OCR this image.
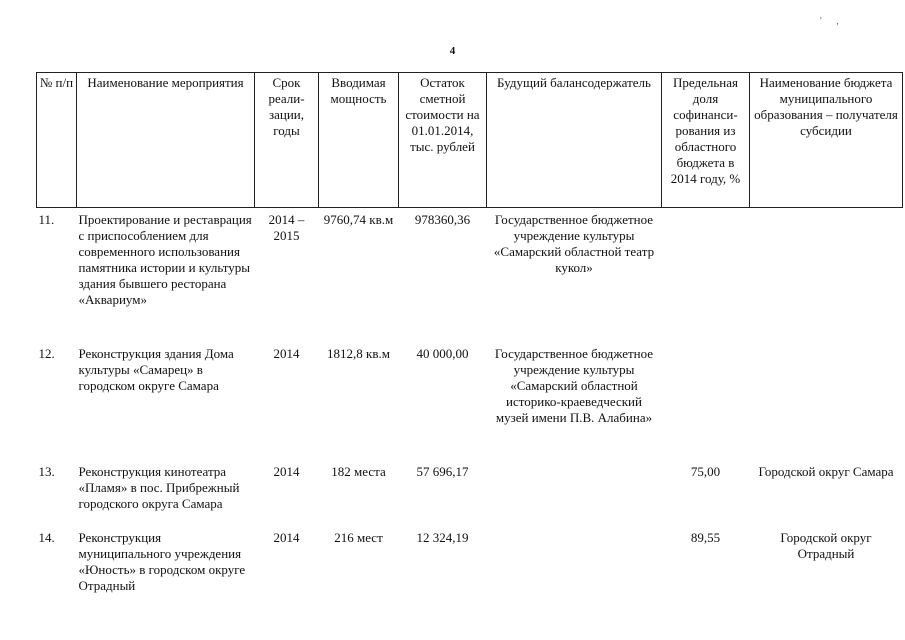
' ,
4
№ п/п	Наименование мероприятия	Срок реали-зации, годы	Вводимая мощность	Остаток сметной стоимости на 01.01.2014, тыс. рублей	Будущий балансодержатель	Предельная доля софинанси-рования из областного бюджета в 2014 году, %	Наименование бюджета муниципального образования – получателя субсидии
11.	Проектирование и реставрация с приспособлением для современного использования памятника истории и культуры здания бывшего ресторана «Аквариум»	2014 – 2015	9760,74 кв.м	978360,36	Государственное бюджетное учреждение культуры «Самарский областной театр кукол»		
12.	Реконструкция здания Дома культуры «Самарец» в городском округе Самара	2014	1812,8 кв.м	40 000,00	Государственное бюджетное учреждение культуры «Самарский областной историко-краеведческий музей имени П.В. Алабина»		
13.	Реконструкция кинотеатра «Пламя» в пос. Прибрежный городского округа Самара	2014	182 места	57 696,17		75,00	Городской округ Самара
14.	Реконструкция муниципального учреждения «Юность» в городском округе Отрадный	2014	216 мест	12 324,19		89,55	Городской округ Отрадный
